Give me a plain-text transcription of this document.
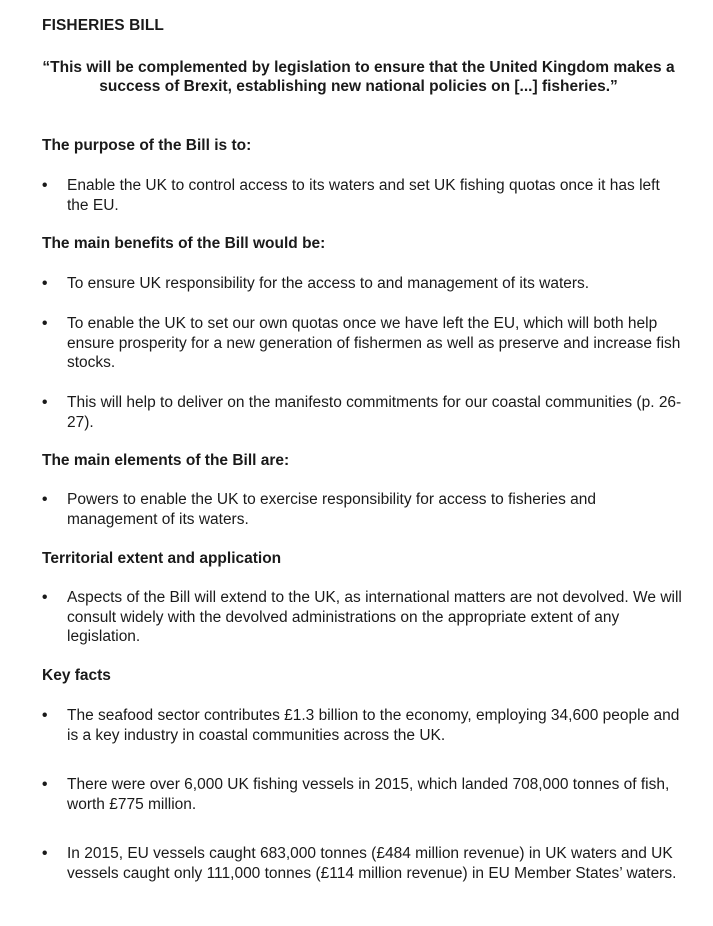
FISHERIES BILL
“This will be complemented by legislation to ensure that the United Kingdom makes a success of Brexit, establishing new national policies on [...] fisheries.”
The purpose of the Bill is to:
•	Enable the UK to control access to its waters and set UK fishing quotas once it has left the EU.
The main benefits of the Bill would be:
•	To ensure UK responsibility for the access to and management of its waters.
•	To enable the UK to set our own quotas once we have left the EU, which will both help ensure prosperity for a new generation of fishermen as well as preserve and increase fish stocks.
•	This will help to deliver on the manifesto commitments for our coastal communities (p. 26-27).
The main elements of the Bill are:
•	Powers to enable the UK to exercise responsibility for access to fisheries and management of its waters.
Territorial extent and application
•	Aspects of the Bill will extend to the UK, as international matters are not devolved. We will consult widely with the devolved administrations on the appropriate extent of any legislation.
Key facts
•	The seafood sector contributes £1.3 billion to the economy, employing 34,600 people and is a key industry in coastal communities across the UK.
•	There were over 6,000 UK fishing vessels in 2015, which landed 708,000 tonnes of fish, worth £775 million.
•	In 2015, EU vessels caught 683,000 tonnes (£484 million revenue) in UK waters and UK vessels caught only 111,000 tonnes (£114 million revenue) in EU Member States’ waters.
